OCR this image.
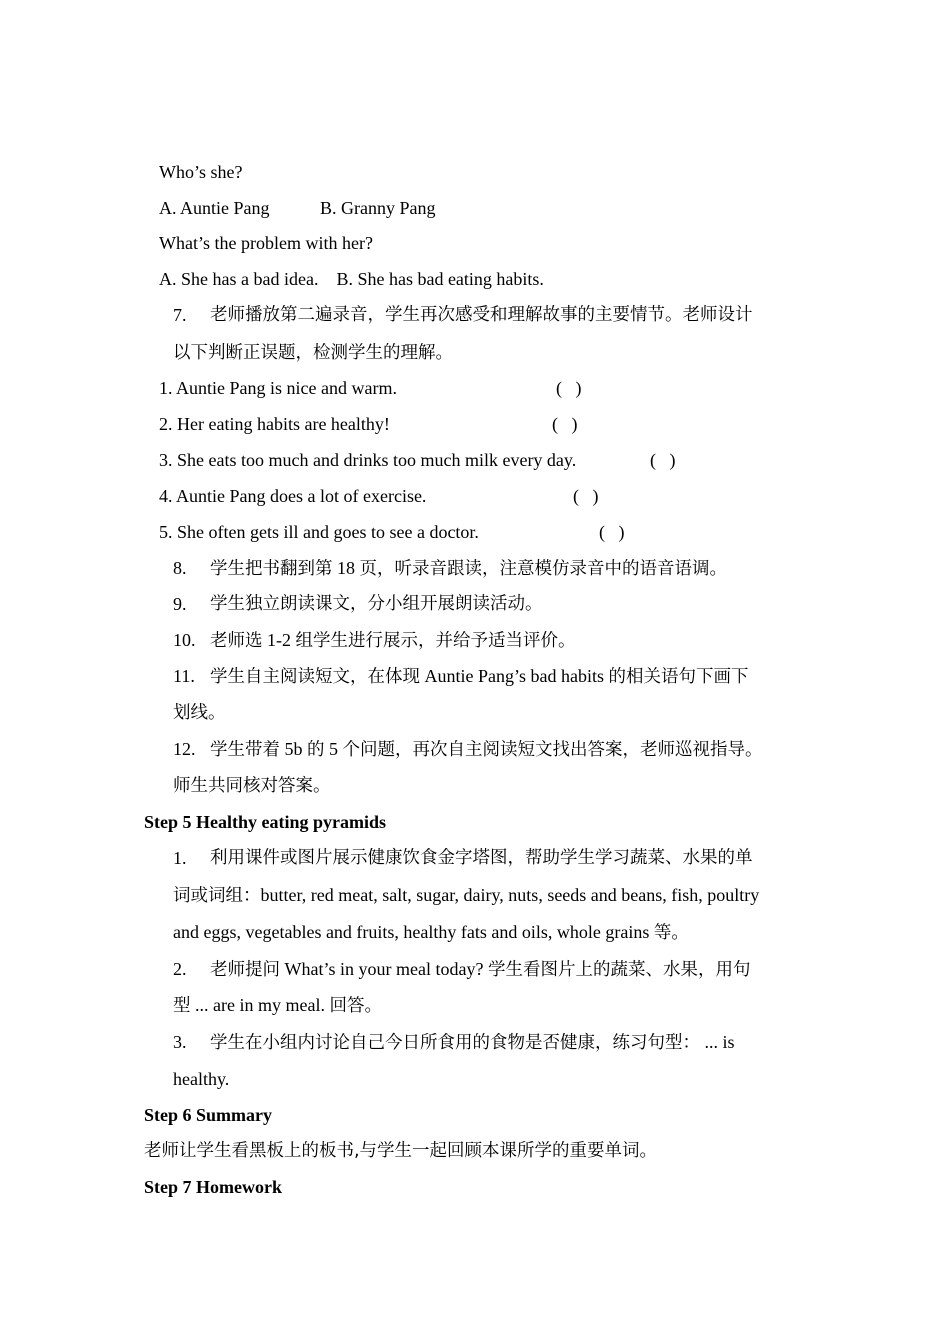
Who’s she?
A. Auntie Pang	B. Granny Pang
What’s the problem with her?
A. She has a bad idea.    B. She has bad eating habits.
7. 老师播放第二遍录音，学生再次感受和理解故事的主要情节。老师设计
以下判断正误题，检测学生的理解。
1. Auntie Pang is nice and warm.	(   )
2. Her eating habits are healthy!	(   )
3. She eats too much and drinks too much milk every day.	(   )
4. Auntie Pang does a lot of exercise.	(   )
5. She often gets ill and goes to see a doctor.	(   )
8. 学生把书翻到第 18 页，听录音跟读，注意模仿录音中的语音语调。
9. 学生独立朗读课文，分小组开展朗读活动。
10. 老师选 1-2 组学生进行展示，并给予适当评价。
11. 学生自主阅读短文，在体现 Auntie Pang’s bad habits 的相关语句下画下
划线。
12. 学生带着 5b 的 5 个问题，再次自主阅读短文找出答案，老师巡视指导。
师生共同核对答案。
Step 5 Healthy eating pyramids
1. 利用课件或图片展示健康饮食金字塔图，帮助学生学习蔬菜、水果的单
词或词组：butter, red meat, salt, sugar, dairy, nuts, seeds and beans, fish, poultry
and eggs, vegetables and fruits, healthy fats and oils, whole grains 等。
2. 老师提问 What’s in your meal today? 学生看图片上的蔬菜、水果，用句
型 ... are in my meal. 回答。
3. 学生在小组内讨论自己今日所食用的食物是否健康，练习句型： ... is
healthy.
Step 6 Summary
老师让学生看黑板上的板书,与学生一起回顾本课所学的重要单词。
Step 7 Homework
